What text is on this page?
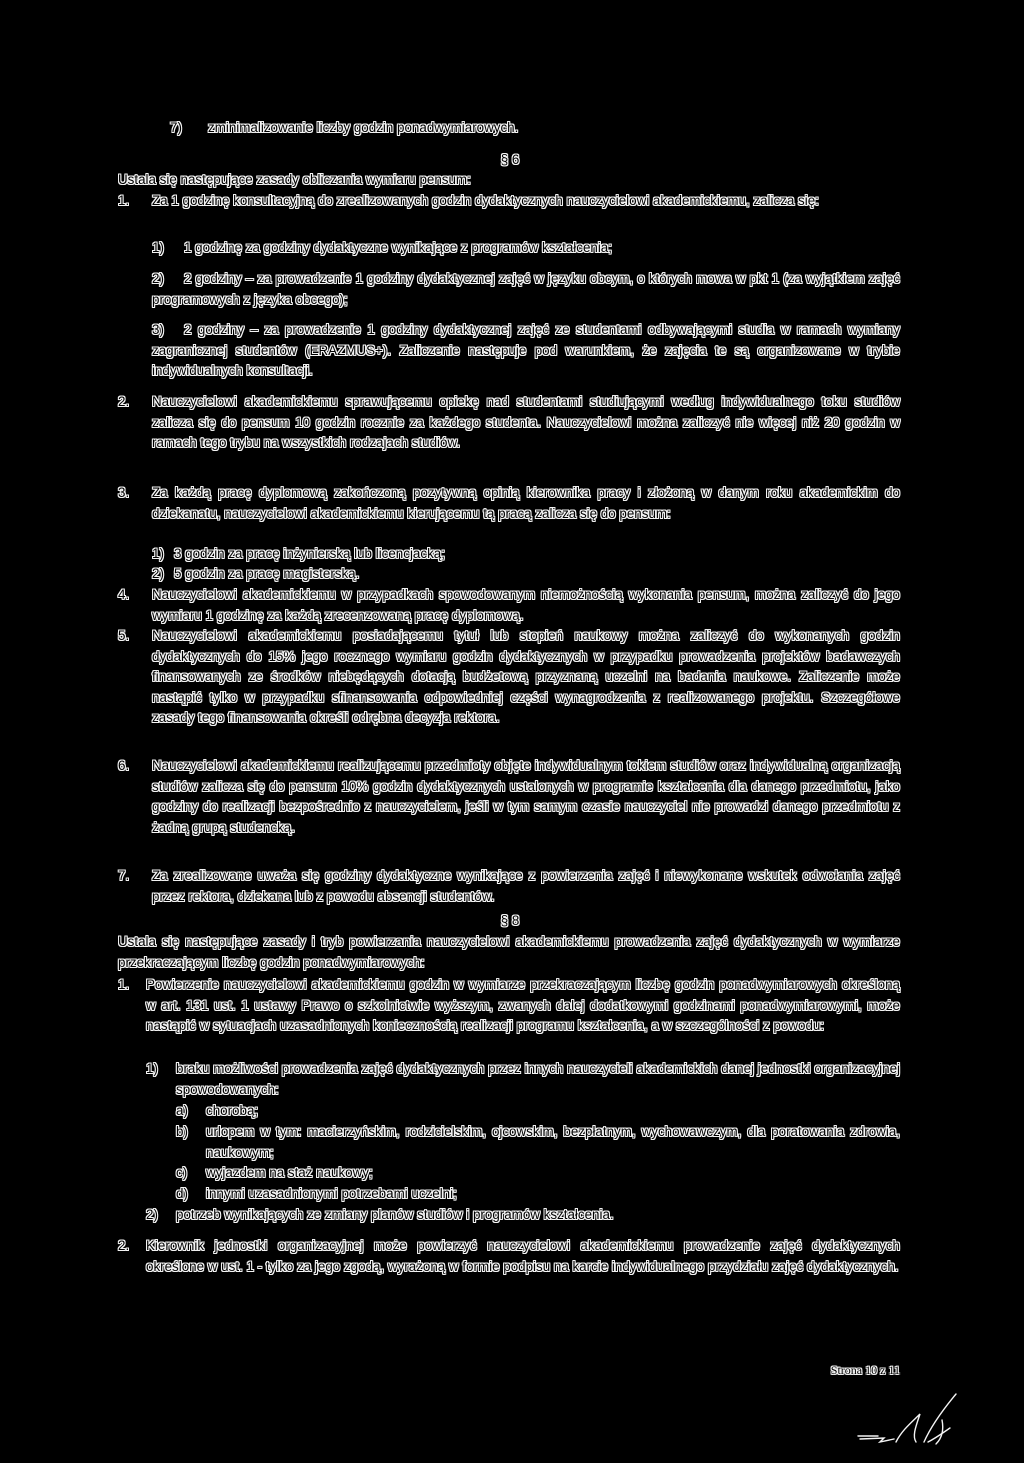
7)	zminimalizowanie liczby godzin ponadwymiarowych.
§ 6
Ustala się następujące zasady obliczania wymiaru pensum:
1.	Za 1 godzinę konsultacyjną do zrealizowanych godzin dydaktycznych nauczycielowi akademickiemu, zalicza się:
1)	1 godzinę za godziny dydaktyczne wynikające z programów kształcenia;
2)	2 godziny – za prowadzenie 1 godziny dydaktycznej zajęć w języku obcym, o których mowa w pkt 1 (za wyjątkiem zajęć programowych z języka obcego);
3)	2 godziny – za prowadzenie 1 godziny dydaktycznej zajęć ze studentami odbywającymi studia w ramach wymiany zagranicznej studentów (ERAZMUS+). Zaliczenie następuje pod warunkiem, że zajęcia te są organizowane w trybie indywidualnych konsultacji.
2.	Nauczycielowi akademickiemu sprawującemu opiekę nad studentami studiującymi według indywidualnego toku studiów zalicza się do pensum 10 godzin rocznie za każdego studenta. Nauczycielowi można zaliczyć nie więcej niż 20 godzin w ramach tego trybu na wszystkich rodzajach studiów.
3.	Za każdą pracę dyplomową zakończoną pozytywną opinią kierownika pracy i złożoną w danym roku akademickim do dziekanatu, nauczycielowi akademickiemu kierującemu tą pracą zalicza się do pensum:
1) 3 godzin za pracę inżynierską lub licencjacką;
2) 5 godzin za pracę magisterską.
4.	Nauczycielowi akademickiemu w przypadkach spowodowanym niemożnością wykonania pensum, można zaliczyć do jego wymiaru 1 godzinę za każdą zrecenzowaną pracę dyplomową.
5.	Nauczycielowi akademickiemu posiadającemu tytuł lub stopień naukowy można zaliczyć do wykonanych godzin dydaktycznych do 15% jego rocznego wymiaru godzin dydaktycznych w przypadku prowadzenia projektów badawczych finansowanych ze środków niebędących dotacją budżetową przyznaną uczelni na badania naukowe. Zaliczenie może nastąpić tylko w przypadku sfinansowania odpowiedniej części wynagrodzenia z realizowanego projektu. Szczegółowe zasady tego finansowania określi odrębna decyzja rektora.
6.	Nauczycielowi akademickiemu realizującemu przedmioty objęte indywidualnym tokiem studiów oraz indywidualną organizacją studiów zalicza się do pensum 10% godzin dydaktycznych ustalonych w programie kształcenia dla danego przedmiotu, jako godziny do realizacji bezpośrednio z nauczycielem, jeśli w tym samym czasie nauczyciel nie prowadzi danego przedmiotu z żadną grupą studencką.
7.	Za zrealizowane uważa się godziny dydaktyczne wynikające z powierzenia zajęć i niewykonane wskutek odwołania zajęć przez rektora, dziekana lub z powodu absencji studentów.
§ 8
Ustala się następujące zasady i tryb powierzania nauczycielowi akademickiemu prowadzenia zajęć dydaktycznych w wymiarze przekraczającym liczbę godzin ponadwymiarowych:
1.	Powierzenie nauczycielowi akademickiemu godzin w wymiarze przekraczającym liczbę godzin ponadwymiarowych określoną w art. 131 ust. 1 ustawy Prawo o szkolnictwie wyższym, zwanych dalej dodatkowymi godzinami ponadwymiarowymi, może nastąpić w sytuacjach uzasadnionych koniecznością realizacji programu kształcenia, a w szczególności z powodu:
1)	braku możliwości prowadzenia zajęć dydaktycznych przez innych nauczycieli akademickich danej jednostki organizacyjnej spowodowanych:
a)	chorobą;
b)	urlopem w tym: macierzyńskim, rodzicielskim, ojcowskim, bezpłatnym, wychowawczym, dla poratowania zdrowia, naukowym;
c)	wyjazdem na staż naukowy;
d)	innymi uzasadnionymi potrzebami uczelni;
2)	potrzeb wynikających ze zmiany planów studiów i programów kształcenia.
2.	Kierownik jednostki organizacyjnej może powierzyć nauczycielowi akademickiemu prowadzenie zajęć dydaktycznych określone w ust. 1 - tylko za jego zgodą, wyrażoną w formie podpisu na karcie indywidualnego przydziału zajęć dydaktycznych.
Strona 10 z 11
